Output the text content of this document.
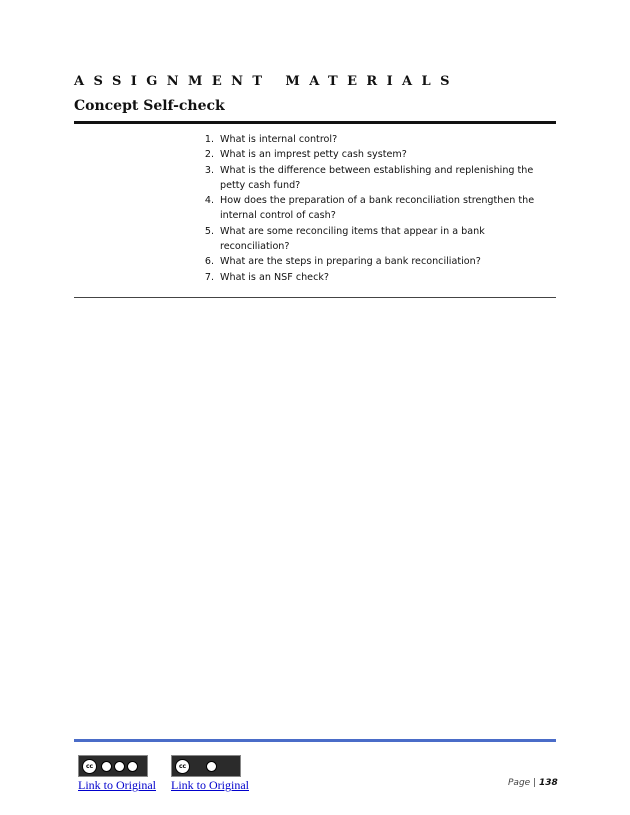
ASSIGNMENT MATERIALS
Concept Self-check
1. What is internal control?
2. What is an imprest petty cash system?
3. What is the difference between establishing and replenishing the petty cash fund?
4. How does the preparation of a bank reconciliation strengthen the internal control of cash?
5. What are some reconciling items that appear in a bank reconciliation?
6. What are the steps in preparing a bank reconciliation?
7. What is an NSF check?
cc	cc
Link to Original Link to Original	Page | 138
